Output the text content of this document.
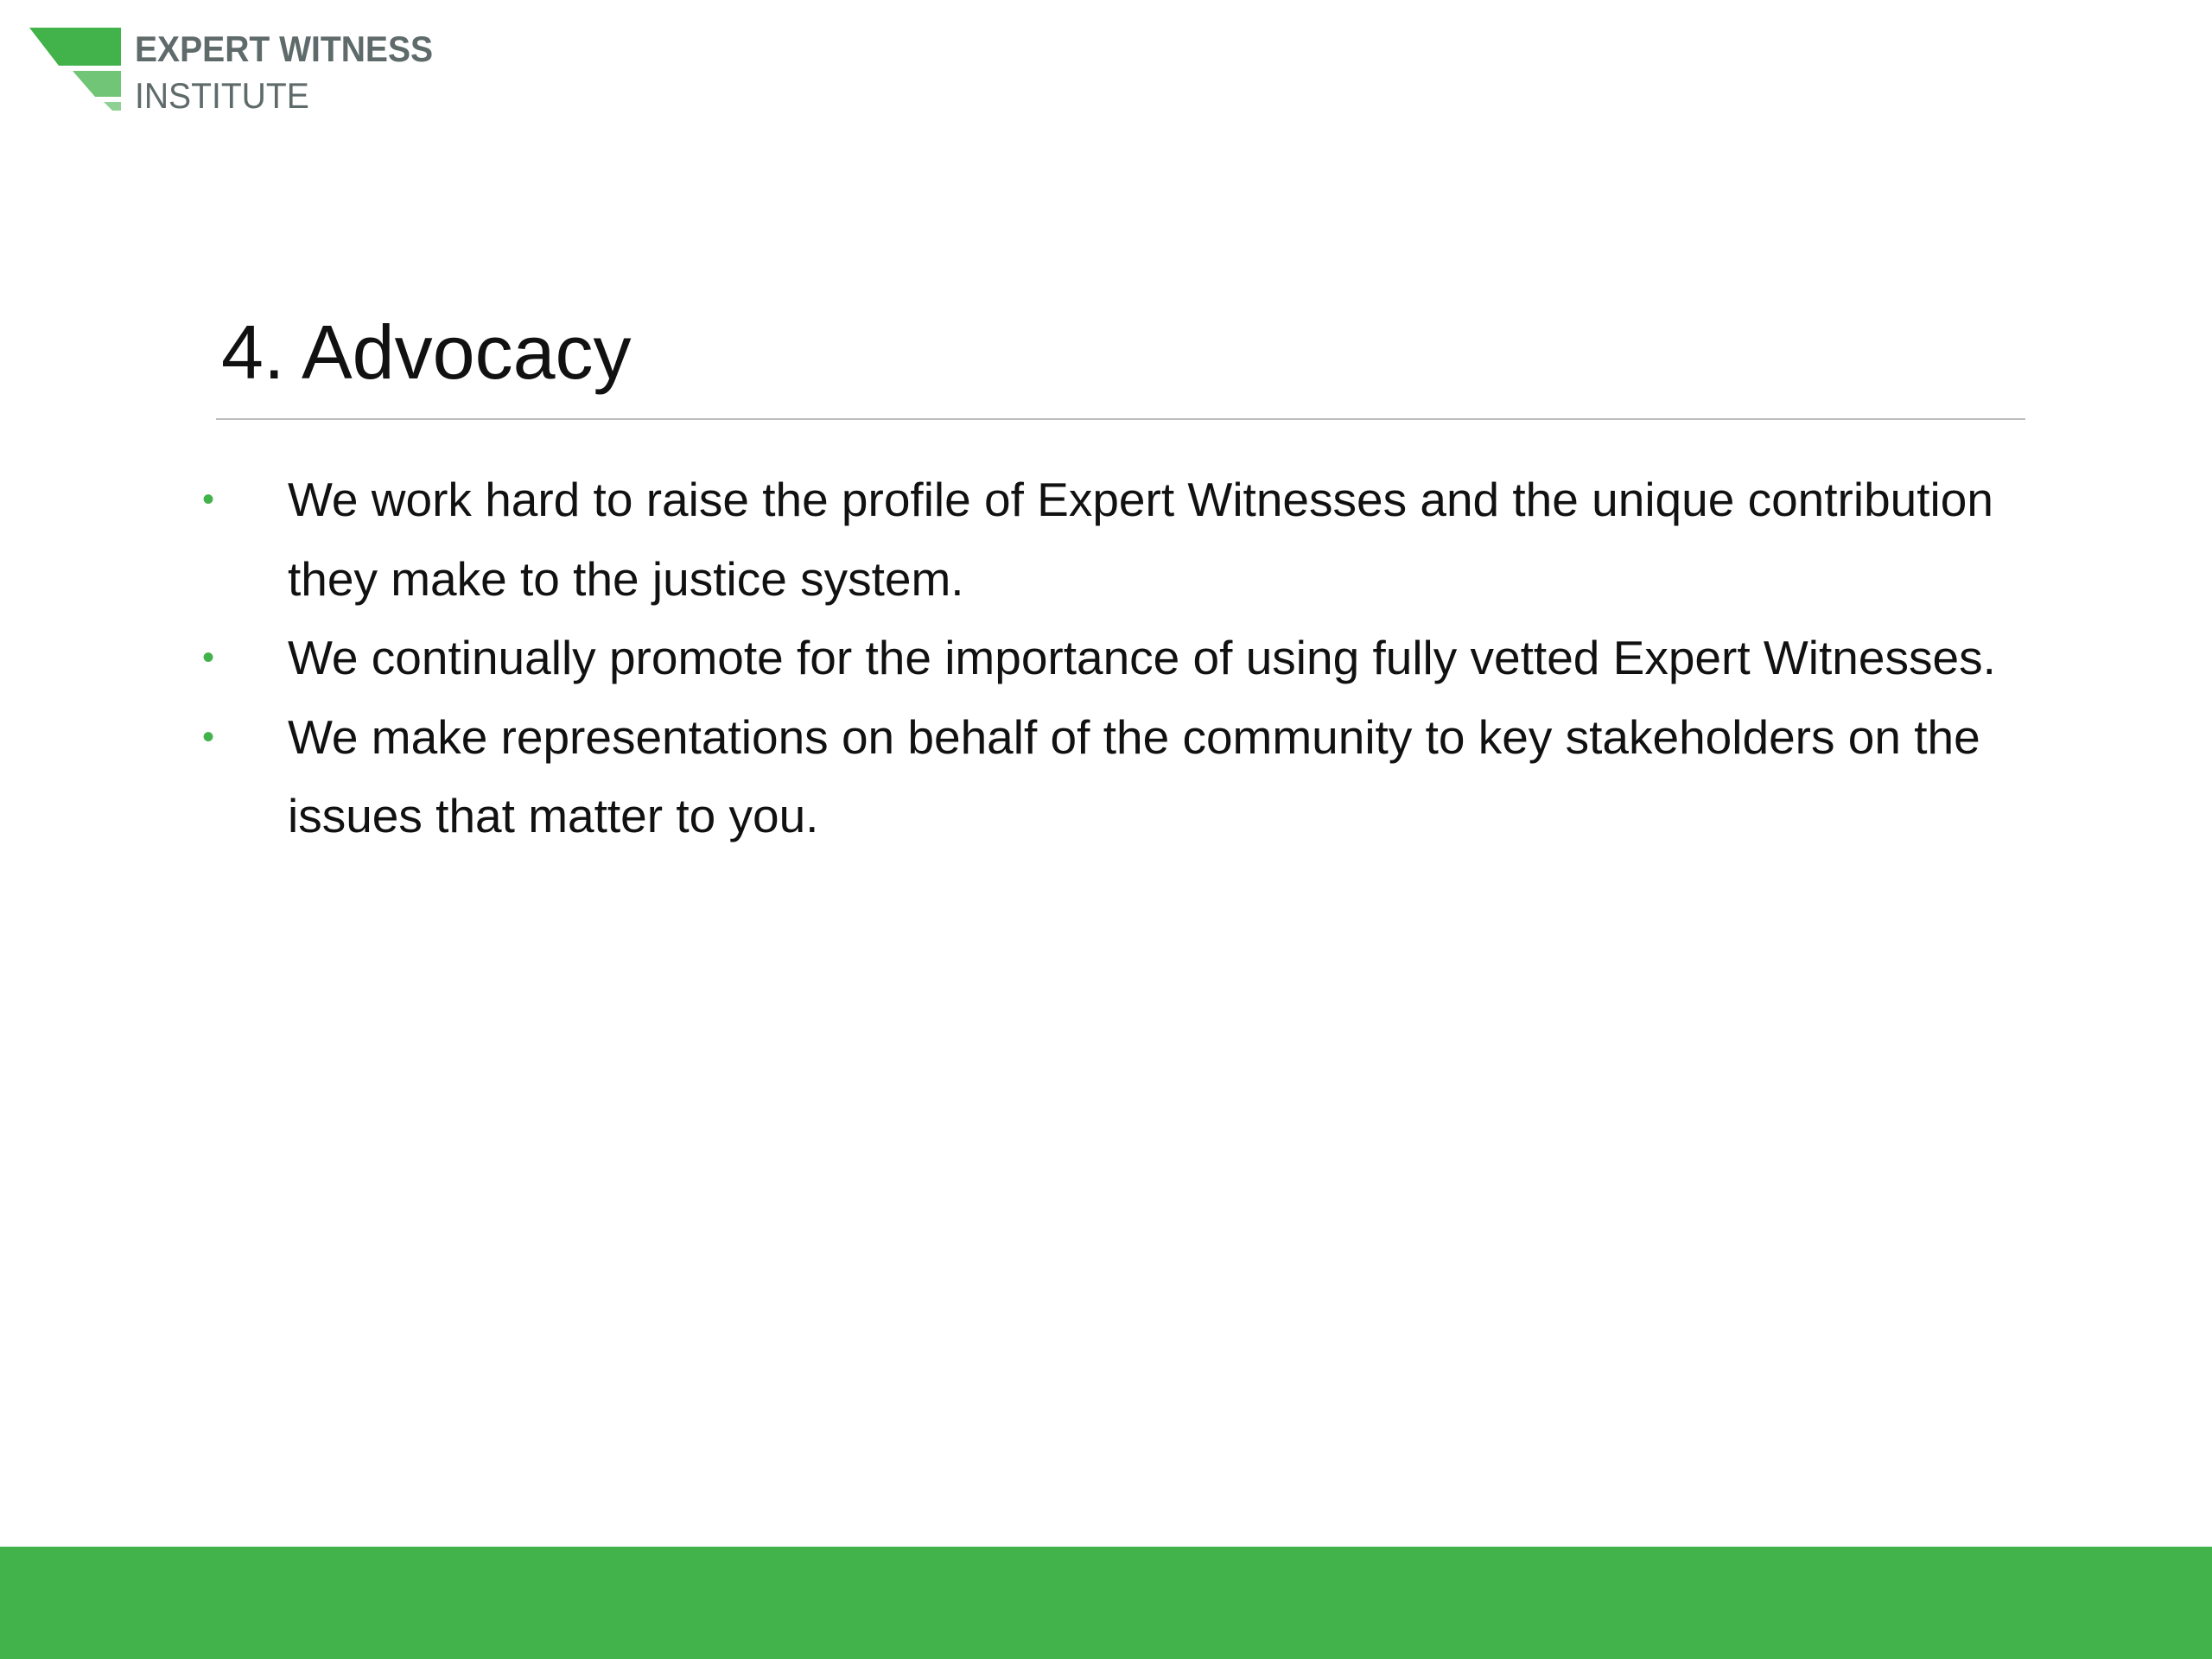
EXPERT WITNESS
INSTITUTE
4. Advocacy
• We work hard to raise the profile of Expert Witnesses and the unique contribution they make to the justice system.
• We continually promote for the importance of using fully vetted Expert Witnesses.
• We make representations on behalf of the community to key stakeholders on the issues that matter to you.
